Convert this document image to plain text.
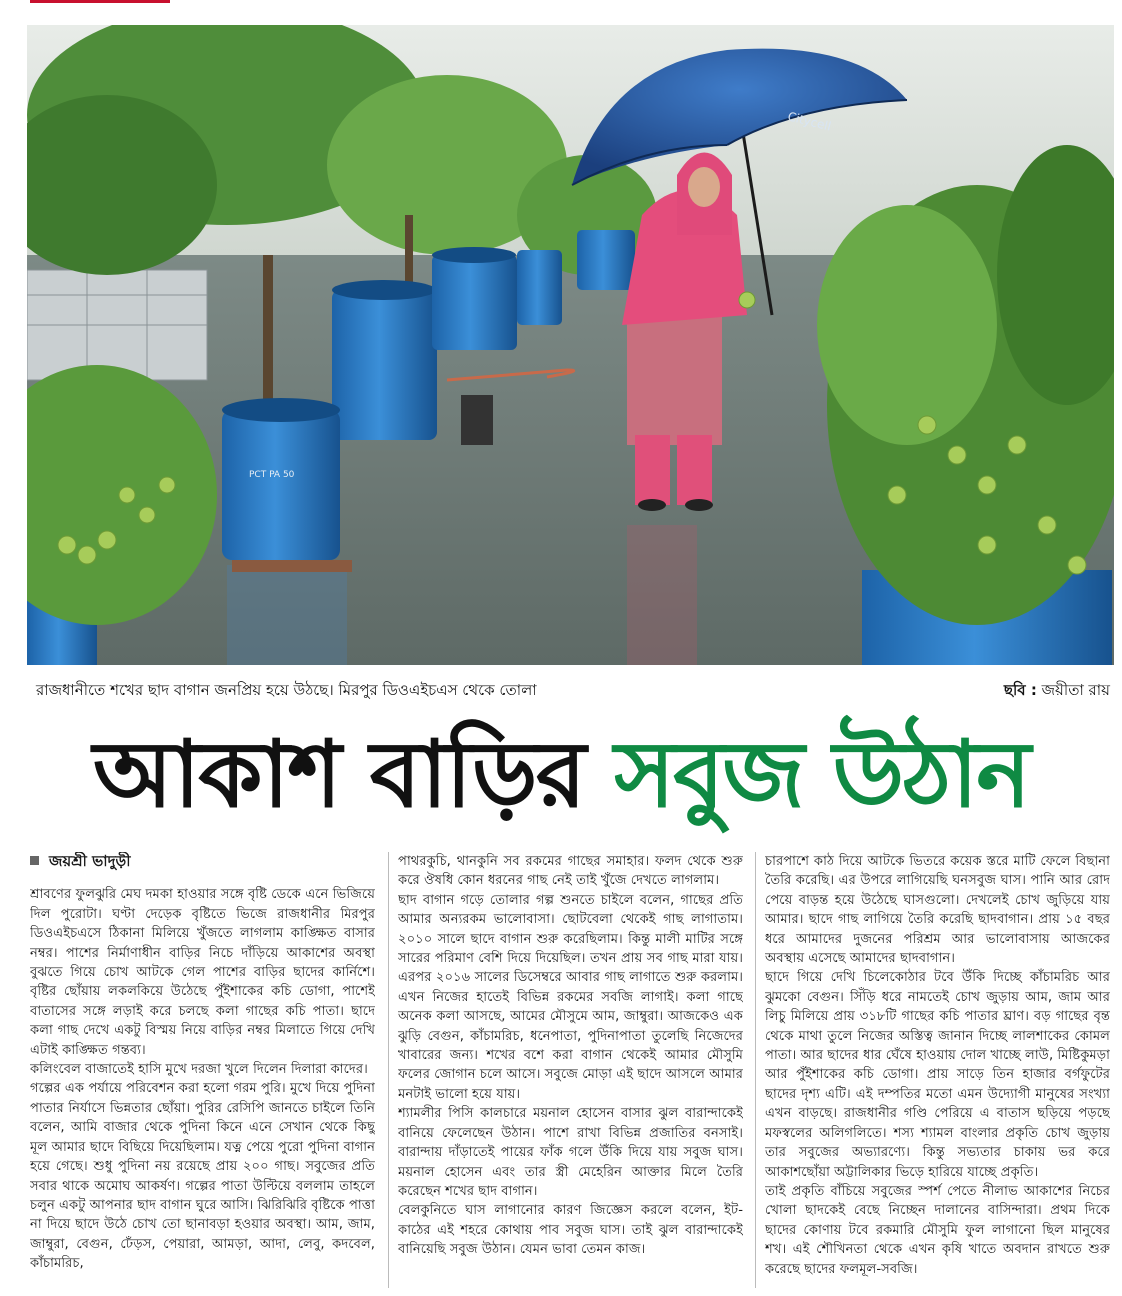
PCT PA 50
Citycell
রাজধানীতে শখের ছাদ বাগান জনপ্রিয় হয়ে উঠছে। মিরপুর ডিওএইচএস থেকে তোলা	ছবি : জয়ীতা রায়
আকাশ বাড়ির সবুজ উঠান

জয়শ্রী ভাদুড়ী

শ্রাবণের ফুলঝুরি মেঘ দমকা হাওয়ার সঙ্গে বৃষ্টি ডেকে এনে ভিজিয়ে দিল পুরোটা। ঘণ্টা দেড়েক বৃষ্টিতে ভিজে রাজধানীর মিরপুর ডিওএইচএসে ঠিকানা মিলিয়ে খুঁজতে লাগলাম কাঙ্ক্ষিত বাসার নম্বর। পাশের নির্মাণাধীন বাড়ির নিচে দাঁড়িয়ে আকাশের অবস্থা বুঝতে গিয়ে চোখ আটকে গেল পাশের বাড়ির ছাদের কার্নিশে। বৃষ্টির ছোঁয়ায় লকলকিয়ে উঠেছে পুঁইশাকের কচি ডোগা, পাশেই বাতাসের সঙ্গে লড়াই করে চলছে কলা গাছের কচি পাতা। ছাদে কলা গাছ দেখে একটু বিস্ময় নিয়ে বাড়ির নম্বর মিলাতে গিয়ে দেখি এটাই কাঙ্ক্ষিত গন্তব্য।

কলিংবেল বাজাতেই হাসি মুখে দরজা খুলে দিলেন দিলারা কাদের।

গল্পের এক পর্যায়ে পরিবেশন করা হলো গরম পুরি। মুখে দিয়ে পুদিনা পাতার নির্যাসে ভিন্নতার ছোঁয়া। পুরির রেসিপি জানতে চাইলে তিনি বলেন, আমি বাজার থেকে পুদিনা কিনে এনে সেখান থেকে কিছু মূল আমার ছাদে বিছিয়ে দিয়েছিলাম। যত্ন পেয়ে পুরো পুদিনা বাগান হয়ে গেছে। শুধু পুদিনা নয় রয়েছে প্রায় ২০০ গাছ। সবুজের প্রতি সবার থাকে অমোঘ আকর্ষণ। গল্পের পাতা উল্টিয়ে বললাম তাহলে চলুন একটু আপনার ছাদ বাগান ঘুরে আসি। ঝিরিঝিরি বৃষ্টিকে পাত্তা না দিয়ে ছাদে উঠে চোখ তো ছানাবড়া হওয়ার অবস্থা। আম, জাম, জাম্বুরা, বেগুন, ঢেঁড়স, পেয়ারা, আমড়া, আদা, লেবু, কদবেল, কাঁচামরিচ,

পাথরকুচি, থানকুনি সব রকমের গাছের সমাহার। ফলদ থেকে শুরু করে ঔষধি কোন ধরনের গাছ নেই তাই খুঁজে দেখতে লাগলাম।

ছাদ বাগান গড়ে তোলার গল্প শুনতে চাইলে বলেন, গাছের প্রতি আমার অন্যরকম ভালোবাসা। ছোটবেলা থেকেই গাছ লাগাতাম। ২০১০ সালে ছাদে বাগান শুরু করেছিলাম। কিন্তু মালী মাটির সঙ্গে সারের পরিমাণ বেশি দিয়ে দিয়েছিল। তখন প্রায় সব গাছ মারা যায়। এরপর ২০১৬ সালের ডিসেম্বরে আবার গাছ লাগাতে শুরু করলাম। এখন নিজের হাতেই বিভিন্ন রকমের সবজি লাগাই। কলা গাছে অনেক কলা আসছে, আমের মৌসুমে আম, জাম্বুরা। আজকেও এক ঝুড়ি বেগুন, কাঁচামরিচ, ধনেপাতা, পুদিনাপাতা তুলেছি নিজেদের খাবারের জন্য। শখের বশে করা বাগান থেকেই আমার মৌসুমি ফলের জোগান চলে আসে। সবুজে মোড়া এই ছাদে আসলে আমার মনটাই ভালো হয়ে যায়।

শ্যামলীর পিসি কালচারে ময়নাল হোসেন বাসার ঝুল বারান্দাকেই বানিয়ে ফেলেছেন উঠান। পাশে রাখা বিভিন্ন প্রজাতির বনসাই। বারান্দায় দাঁড়াতেই পায়ের ফাঁক গলে উঁকি দিয়ে যায় সবুজ ঘাস। ময়নাল হোসেন এবং তার স্ত্রী মেহেরিন আক্তার মিলে তৈরি করেছেন শখের ছাদ বাগান।

বেলকুনিতে ঘাস লাগানোর কারণ জিজ্ঞেস করলে বলেন, ইট-কাঠের এই শহরে কোথায় পাব সবুজ ঘাস। তাই ঝুল বারান্দাকেই বানিয়েছি সবুজ উঠান। যেমন ভাবা তেমন কাজ।

চারপাশে কাঠ দিয়ে আটকে ভিতরে কয়েক স্তরে মাটি ফেলে বিছানা তৈরি করেছি। এর উপরে লাগিয়েছি ঘনসবুজ ঘাস। পানি আর রোদ পেয়ে বাড়ন্ত হয়ে উঠেছে ঘাসগুলো। দেখলেই চোখ জুড়িয়ে যায় আমার। ছাদে গাছ লাগিয়ে তৈরি করেছি ছাদবাগান। প্রায় ১৫ বছর ধরে আমাদের দুজনের পরিশ্রম আর ভালোবাসায় আজকের অবস্থায় এসেছে আমাদের ছাদবাগান।

ছাদে গিয়ে দেখি চিলেকোঠার টবে উঁকি দিচ্ছে কাঁচামরিচ আর ঝুমকো বেগুন। সিঁড়ি ধরে নামতেই চোখ জুড়ায় আম, জাম আর লিচু মিলিয়ে প্রায় ৩১৮টি গাছের কচি পাতার ঘ্রাণ। বড় গাছের বৃন্ত থেকে মাথা তুলে নিজের অস্তিত্ব জানান দিচ্ছে লালশাকের কোমল পাতা। আর ছাদের ধার ঘেঁষে হাওয়ায় দোল খাচ্ছে লাউ, মিষ্টিকুমড়া আর পুঁইশাকের কচি ডোগা। প্রায় সাড়ে তিন হাজার বর্গফুটের ছাদের দৃশ্য এটি। এই দম্পতির মতো এমন উদ্যোগী মানুষের সংখ্যা এখন বাড়ছে। রাজধানীর গণ্ডি পেরিয়ে এ বাতাস ছড়িয়ে পড়ছে মফস্বলের অলিগলিতে। শস্য শ্যামল বাংলার প্রকৃতি চোখ জুড়ায় তার সবুজের অভ্যারণ্যে। কিন্তু সভ্যতার চাকায় ভর করে আকাশছোঁয়া অট্টালিকার ভিড়ে হারিয়ে যাচ্ছে প্রকৃতি।

তাই প্রকৃতি বাঁচিয়ে সবুজের স্পর্শ পেতে নীলাভ আকাশের নিচের খোলা ছাদকেই বেছে নিচ্ছেন দালানের বাসিন্দারা। প্রথম দিকে ছাদের কোণায় টবে রকমারি মৌসুমি ফুল লাগানো ছিল মানুষের শখ। এই শৌখিনতা থেকে এখন কৃষি খাতে অবদান রাখতে শুরু করেছে ছাদের ফলমূল-সবজি।
